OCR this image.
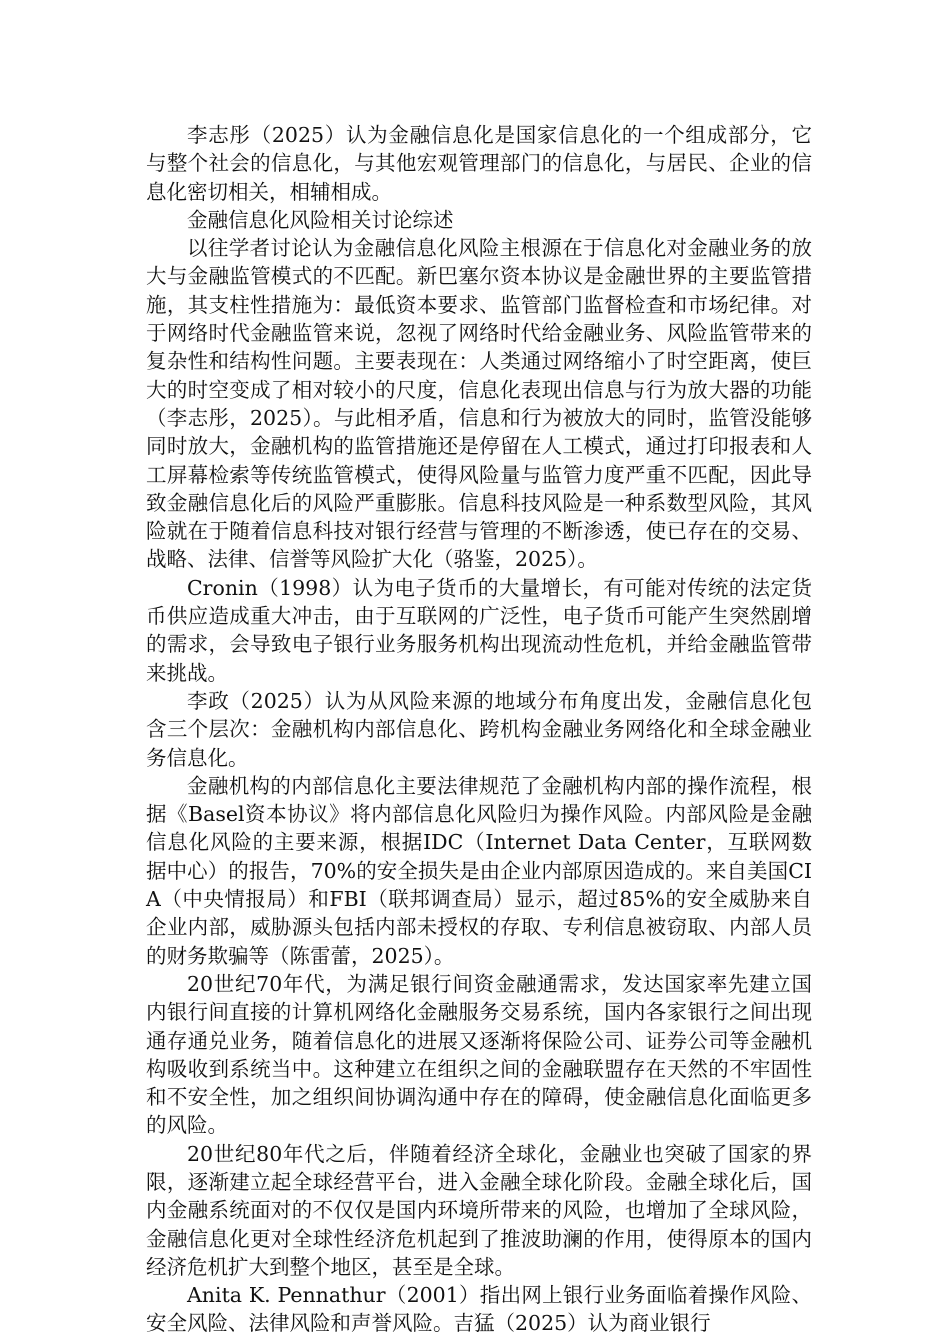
李志彤（2025）认为金融信息化是国家信息化的一个组成部分，它与整个社会的信息化，与其他宏观管理部门的信息化，与居民、企业的信息化密切相关，相辅相成。

金融信息化风险相关讨论综述

以往学者讨论认为金融信息化风险主根源在于信息化对金融业务的放大与金融监管模式的不匹配。新巴塞尔资本协议是金融世界的主要监管措施，其支柱性措施为：最低资本要求、监管部门监督检查和市场纪律。对于网络时代金融监管来说，忽视了网络时代给金融业务、风险监管带来的复杂性和结构性问题。主要表现在：人类通过网络缩小了时空距离，使巨大的时空变成了相对较小的尺度，信息化表现出信息与行为放大器的功能（李志彤，2025）。与此相矛盾，信息和行为被放大的同时，监管没能够同时放大，金融机构的监管措施还是停留在人工模式，通过打印报表和人工屏幕检索等传统监管模式，使得风险量与监管力度严重不匹配，因此导致金融信息化后的风险严重膨胀。信息科技风险是一种系数型风险，其风险就在于随着信息科技对银行经营与管理的不断渗透，使已存在的交易、战略、法律、信誉等风险扩大化（骆鉴，2025）。

Cronin（1998）认为电子货币的大量增长，有可能对传统的法定货币供应造成重大冲击，由于互联网的广泛性，电子货币可能产生突然剧增的需求，会导致电子银行业务服务机构出现流动性危机，并给金融监管带来挑战。

李政（2025）认为从风险来源的地域分布角度出发，金融信息化包含三个层次：金融机构内部信息化、跨机构金融业务网络化和全球金融业务信息化。

金融机构的内部信息化主要法律规范了金融机构内部的操作流程，根据《Basel资本协议》将内部信息化风险归为操作风险。内部风险是金融信息化风险的主要来源，根据IDC（Internet Data Center，互联网数据中心）的报告，70%的安全损失是由企业内部原因造成的。来自美国CIA（中央情报局）和FBI（联邦调查局）显示，超过85%的安全威胁来自企业内部，威胁源头包括内部未授权的存取、专利信息被窃取、内部人员的财务欺骗等（陈雷蕾，2025）。

20世纪70年代，为满足银行间资金融通需求，发达国家率先建立国内银行间直接的计算机网络化金融服务交易系统，国内各家银行之间出现通存通兑业务，随着信息化的进展又逐渐将保险公司、证券公司等金融机构吸收到系统当中。这种建立在组织之间的金融联盟存在天然的不牢固性和不安全性，加之组织间协调沟通中存在的障碍，使金融信息化面临更多的风险。

20世纪80年代之后，伴随着经济全球化，金融业也突破了国家的界限，逐渐建立起全球经营平台，进入金融全球化阶段。金融全球化后，国内金融系统面对的不仅仅是国内环境所带来的风险，也增加了全球风险，金融信息化更对全球性经济危机起到了推波助澜的作用，使得原本的国内经济危机扩大到整个地区，甚至是全球。

Anita K. Pennathur（2001）指出网上银行业务面临着操作风险、安全风险、法律风险和声誉风险。吉猛（2025）认为商业银行
